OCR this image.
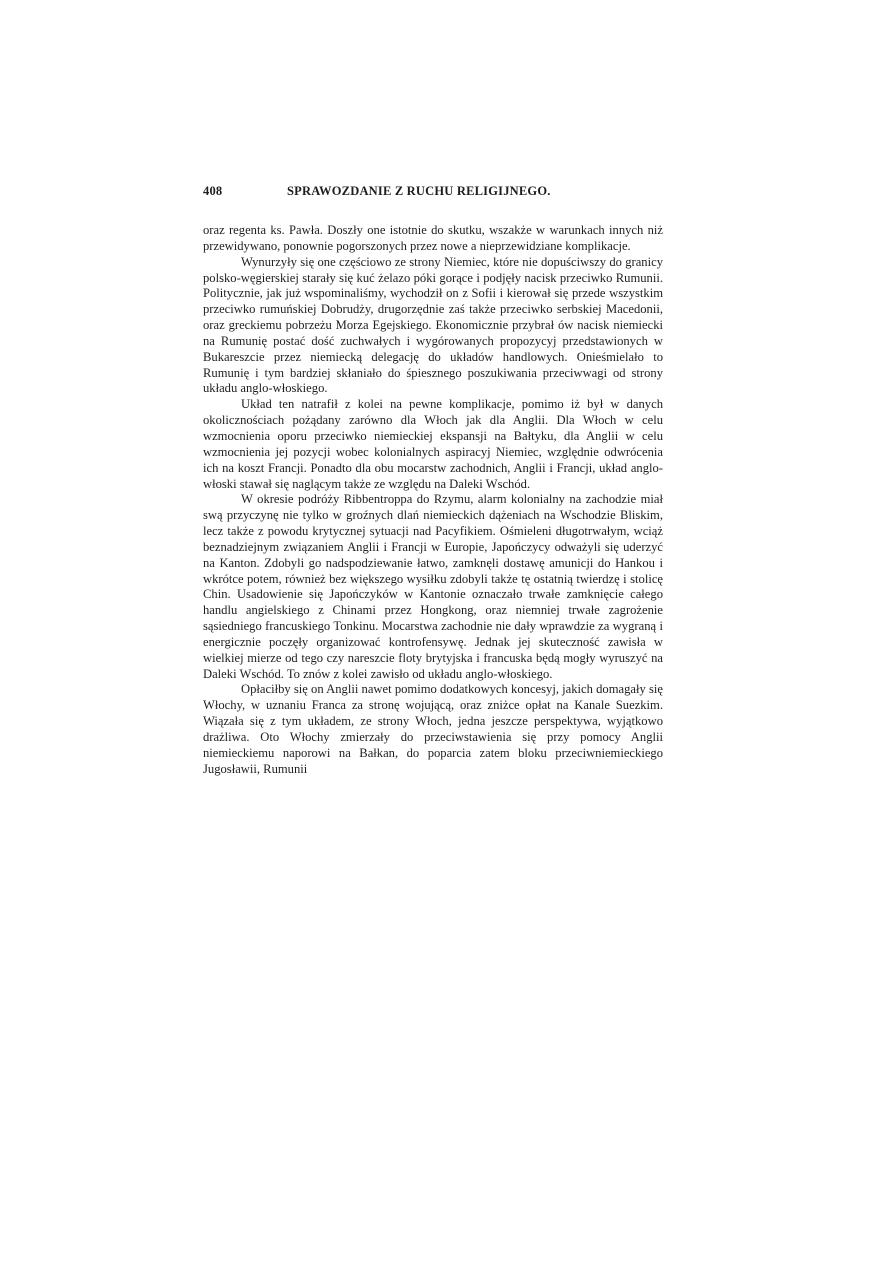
408	SPRAWOZDANIE Z RUCHU RELIGIJNEGO.

oraz regenta ks. Pawła. Doszły one istotnie do skutku, wszakże w warunkach innych niż przewidywano, ponownie pogorszonych przez nowe a nieprzewidziane komplikacje.

Wynurzyły się one częściowo ze strony Niemiec, które nie dopuściwszy do granicy polsko-węgierskiej starały się kuć żelazo póki gorące i podjęły nacisk przeciwko Rumunii. Politycznie, jak już wspominaliśmy, wychodził on z Sofii i kierował się przede wszystkim przeciwko rumuńskiej Dobrudży, drugorzędnie zaś także przeciwko serbskiej Macedonii, oraz greckiemu pobrzeżu Morza Egejskiego. Ekonomicznie przybrał ów nacisk niemiecki na Rumunię postać dość zuchwałych i wygórowanych propozycyj przedstawionych w Bukareszcie przez niemiecką delegację do układów handlowych. Onieśmielało to Rumunię i tym bardziej skłaniało do śpiesznego poszukiwania przeciwwagi od strony układu anglo-włoskiego.

Układ ten natrafił z kolei na pewne komplikacje, pomimo iż był w danych okolicznościach pożądany zarówno dla Włoch jak dla Anglii. Dla Włoch w celu wzmocnienia oporu przeciwko niemieckiej ekspansji na Bałtyku, dla Anglii w celu wzmocnienia jej pozycji wobec kolonialnych aspiracyj Niemiec, względnie odwrócenia ich na koszt Francji. Ponadto dla obu mocarstw zachodnich, Anglii i Francji, układ anglo-włoski stawał się naglącym także ze względu na Daleki Wschód.

W okresie podróży Ribbentroppa do Rzymu, alarm kolonialny na zachodzie miał swą przyczynę nie tylko w groźnych dlań niemieckich dążeniach na Wschodzie Bliskim, lecz także z powodu krytycznej sytuacji nad Pacyfikiem. Ośmieleni długotrwałym, wciąż beznadziejnym związaniem Anglii i Francji w Europie, Japończycy odważyli się uderzyć na Kanton. Zdobyli go nadspodziewanie łatwo, zamknęli dostawę amunicji do Hankou i wkrótce potem, również bez większego wysiłku zdobyli także tę ostatnią twierdzę i stolicę Chin. Usadowienie się Japończyków w Kantonie oznaczało trwałe zamknięcie całego handlu angielskiego z Chinami przez Hongkong, oraz niemniej trwałe zagrożenie sąsiedniego francuskiego Tonkinu. Mocarstwa zachodnie nie dały wprawdzie za wygraną i energicznie poczęły organizować kontrofensywę. Jednak jej skuteczność zawisła w wielkiej mierze od tego czy nareszcie floty brytyjska i francuska będą mogły wyruszyć na Daleki Wschód. To znów z kolei zawisło od układu anglo-włoskiego.

Opłaciłby się on Anglii nawet pomimo dodatkowych koncesyj, jakich domagały się Włochy, w uznaniu Franca za stronę wojującą, oraz zniżce opłat na Kanale Suezkim. Wiązała się z tym układem, ze strony Włoch, jedna jeszcze perspektywa, wyjątkowo drażliwa. Oto Włochy zmierzały do przeciwstawienia się przy pomocy Anglii niemieckiemu naporowi na Bałkan, do poparcia zatem bloku przeciwniemieckiego Jugosławii, Rumunii
